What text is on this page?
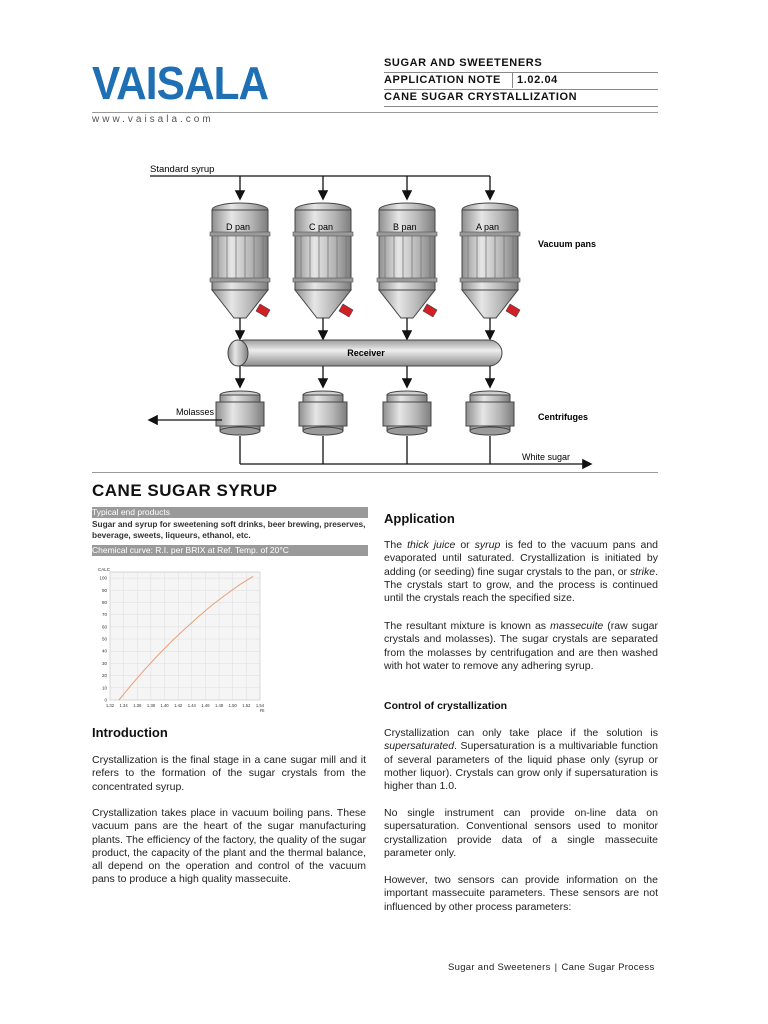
VAISALA
www.vaisala.com
SUGAR AND SWEETENERS
APPLICATION NOTE	1.02.04
CANE SUGAR CRYSTALLIZATION
Standard syrup
D pan	C pan	B pan	A pan
Vacuum pans
Receiver
Centrifuges
Molasses
White sugar
CANE SUGAR SYRUP
Typical end products
Sugar and syrup for sweetening soft drinks, beer brewing, preserves, beverage, sweets, liqueurs, ethanol, etc.
Chemical curve: R.I. per BRIX at Ref. Temp. of 20°C
0
10
20
30
40
50
60
70
80
90
100
1.32 1.34 1.36 1.38 1.40 1.42 1.44 1.46 1.48 1.50 1.52 1.54
CALC
RI
Introduction
Crystallization is the final stage in a cane sugar mill and it refers to the formation of the sugar crystals from the concentrated syrup.
Crystallization takes place in vacuum boiling pans. These vacuum pans are the heart of the sugar manufacturing plants. The efficiency of the factory, the quality of the sugar product, the capacity of the plant and the thermal balance, all depend on the operation and control of the vacuum pans to produce a high quality massecuite.
Application
The thick juice or syrup is fed to the vacuum pans and evaporated until saturated. Crystallization is initiated by adding (or seeding) fine sugar crystals to the pan, or strike. The crystals start to grow, and the process is continued until the crystals reach the specified size.
The resultant mixture is known as massecuite (raw sugar crystals and molasses). The sugar crystals are separated from the molasses by centrifugation and are then washed with hot water to remove any adhering syrup.
Control of crystallization
Crystallization can only take place if the solution is supersaturated. Supersaturation is a multivariable function of several parameters of the liquid phase only (syrup or mother liquor). Crystals can grow only if supersaturation is higher than 1.0.
No single instrument can provide on-line data on supersaturation. Conventional sensors used to monitor crystallization provide data of a single massecuite parameter only.
However, two sensors can provide information on the important massecuite parameters. These sensors are not influenced by other process parameters:
Sugar and Sweeteners | Cane Sugar Process
